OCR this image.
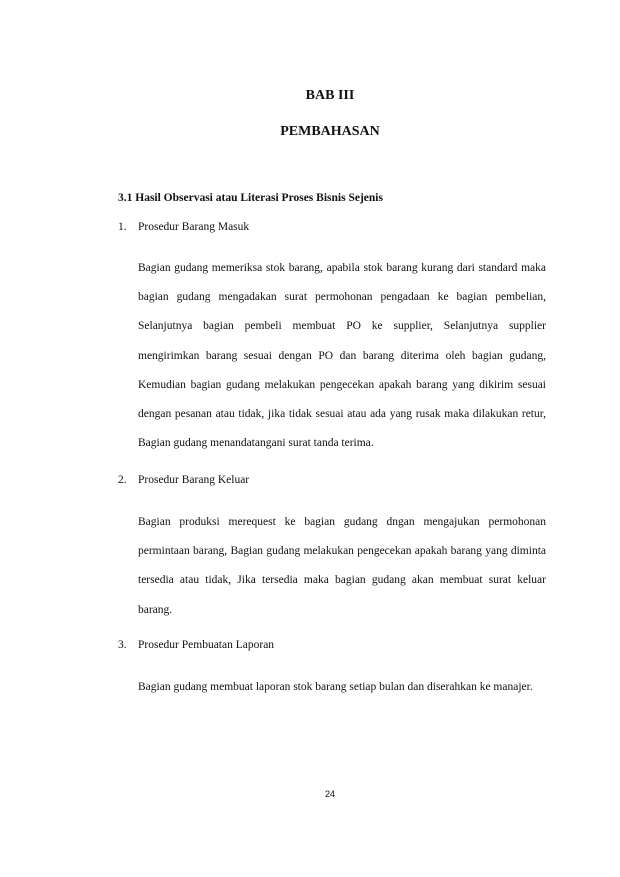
BAB III
PEMBAHASAN
3.1 Hasil Observasi atau Literasi Proses Bisnis Sejenis
1. Prosedur Barang Masuk

Bagian gudang memeriksa stok barang, apabila stok barang kurang dari standard maka bagian gudang mengadakan surat permohonan pengadaan ke bagian pembelian, Selanjutnya bagian pembeli membuat PO ke supplier, Selanjutnya supplier mengirimkan barang sesuai dengan PO dan barang diterima oleh bagian gudang, Kemudian bagian gudang melakukan pengecekan apakah barang yang dikirim sesuai dengan pesanan atau tidak, jika tidak sesuai atau ada yang rusak maka dilakukan retur, Bagian gudang menandatangani surat tanda terima.

2. Prosedur Barang Keluar

Bagian produksi merequest ke bagian gudang dngan mengajukan permohonan permintaan barang, Bagian gudang melakukan pengecekan apakah barang yang diminta tersedia atau tidak, Jika tersedia maka bagian gudang akan membuat surat keluar barang.

3. Prosedur Pembuatan Laporan

Bagian gudang membuat laporan stok barang setiap bulan dan diserahkan ke manajer.

24
